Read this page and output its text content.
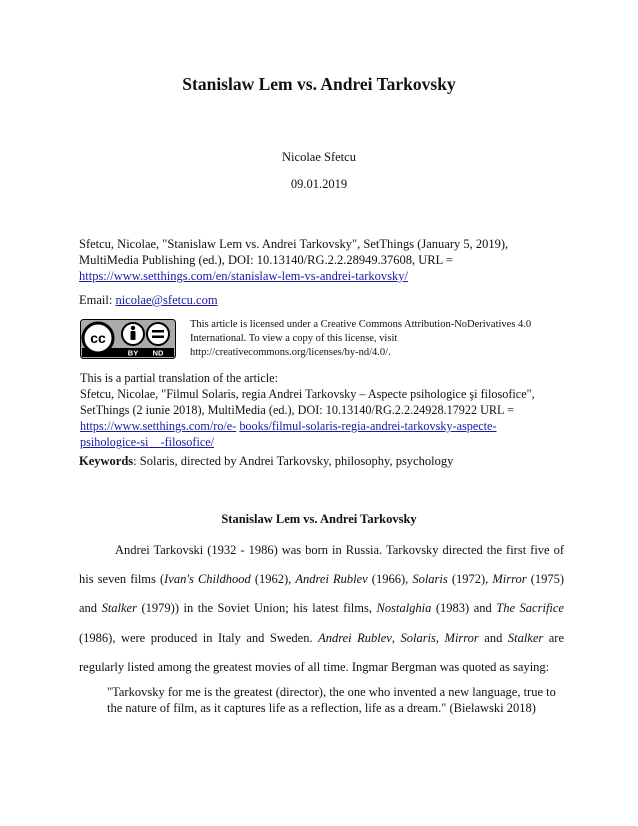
Stanislaw Lem vs. Andrei Tarkovsky
Nicolae Sfetcu
09.01.2019
Sfetcu, Nicolae, "Stanislaw Lem vs. Andrei Tarkovsky", SetThings (January 5, 2019),
MultiMedia Publishing (ed.), DOI: 10.13140/RG.2.2.28949.37608, URL =
https://www.setthings.com/en/stanislaw-lem-vs-andrei-tarkovsky/
Email: nicolae@sfetcu.com
cc
BY ND
This article is licensed under a Creative Commons Attribution-NoDerivatives 4.0
International. To view a copy of this license, visit
http://creativecommons.org/licenses/by-nd/4.0/.
This is a partial translation of the article:
Sfetcu, Nicolae, "Filmul Solaris, regia Andrei Tarkovsky – Aspecte psihologice şi filosofice",
SetThings (2 iunie 2018), MultiMedia (ed.), DOI: 10.13140/RG.2.2.24928.17922 URL =
https://www.setthings.com/ro/e- books/filmul-solaris-regia-andrei-tarkovsky-aspecte-
psihologice-si    -filosofice/
Keywords: Solaris, directed by Andrei Tarkovsky, philosophy, psychology
Stanislaw Lem vs. Andrei Tarkovsky

Andrei Tarkovski (1932 - 1986) was born in Russia. Tarkovsky directed the first five of his seven films (Ivan's Childhood (1962), Andrei Rublev (1966), Solaris (1972), Mirror (1975) and Stalker (1979)) in the Soviet Union; his latest films, Nostalghia (1983) and The Sacrifice (1986), were produced in Italy and Sweden. Andrei Rublev, Solaris, Mirror and Stalker are regularly listed among the greatest movies of all time. Ingmar Bergman was quoted as saying:

"Tarkovsky for me is the greatest (director), the one who invented a new language, true to the nature of film, as it captures life as a reflection, life as a dream." (Bielawski 2018)
